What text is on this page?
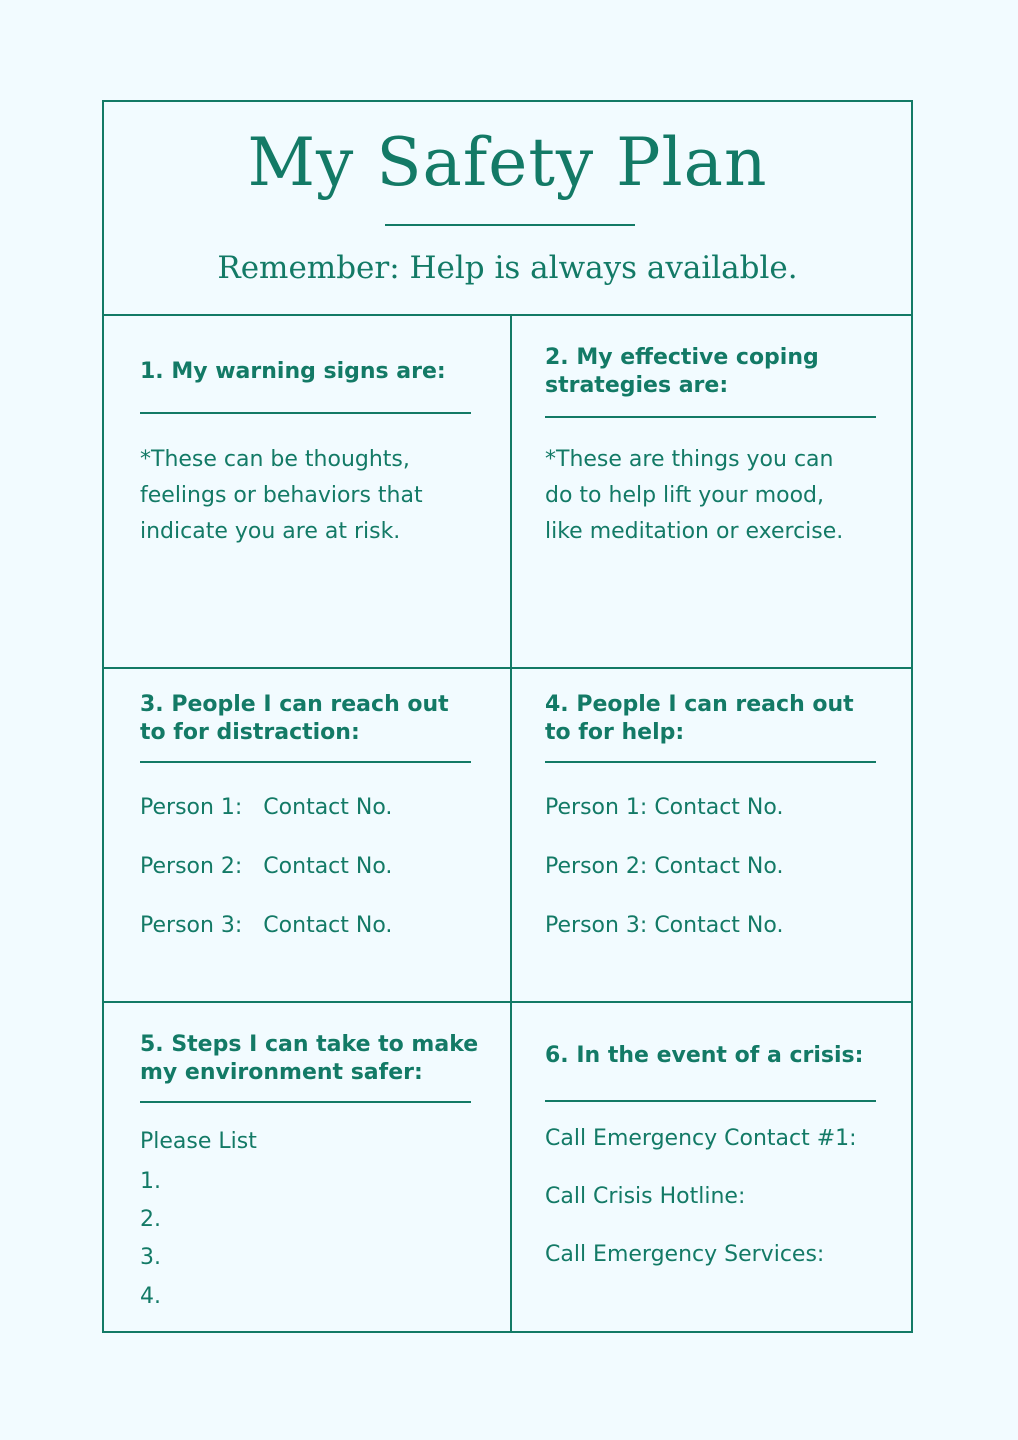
My Safety Plan
Remember: Help is always available.
1. My warning signs are:
*These can be thoughts,
feelings or behaviors that
indicate you are at risk.
2. My effective coping
strategies are:
*These are things you can
do to help lift your mood,
like meditation or exercise.
3. People I can reach out
to for distraction:
Person 1:   Contact No.
Person 2:   Contact No.
Person 3:   Contact No.
4. People I can reach out
to for help:
Person 1: Contact No.
Person 2: Contact No.
Person 3: Contact No.
5. Steps I can take to make
my environment safer:
Please List
1.
2.
3.
4.
6. In the event of a crisis:
Call Emergency Contact #1:
Call Crisis Hotline:
Call Emergency Services:
